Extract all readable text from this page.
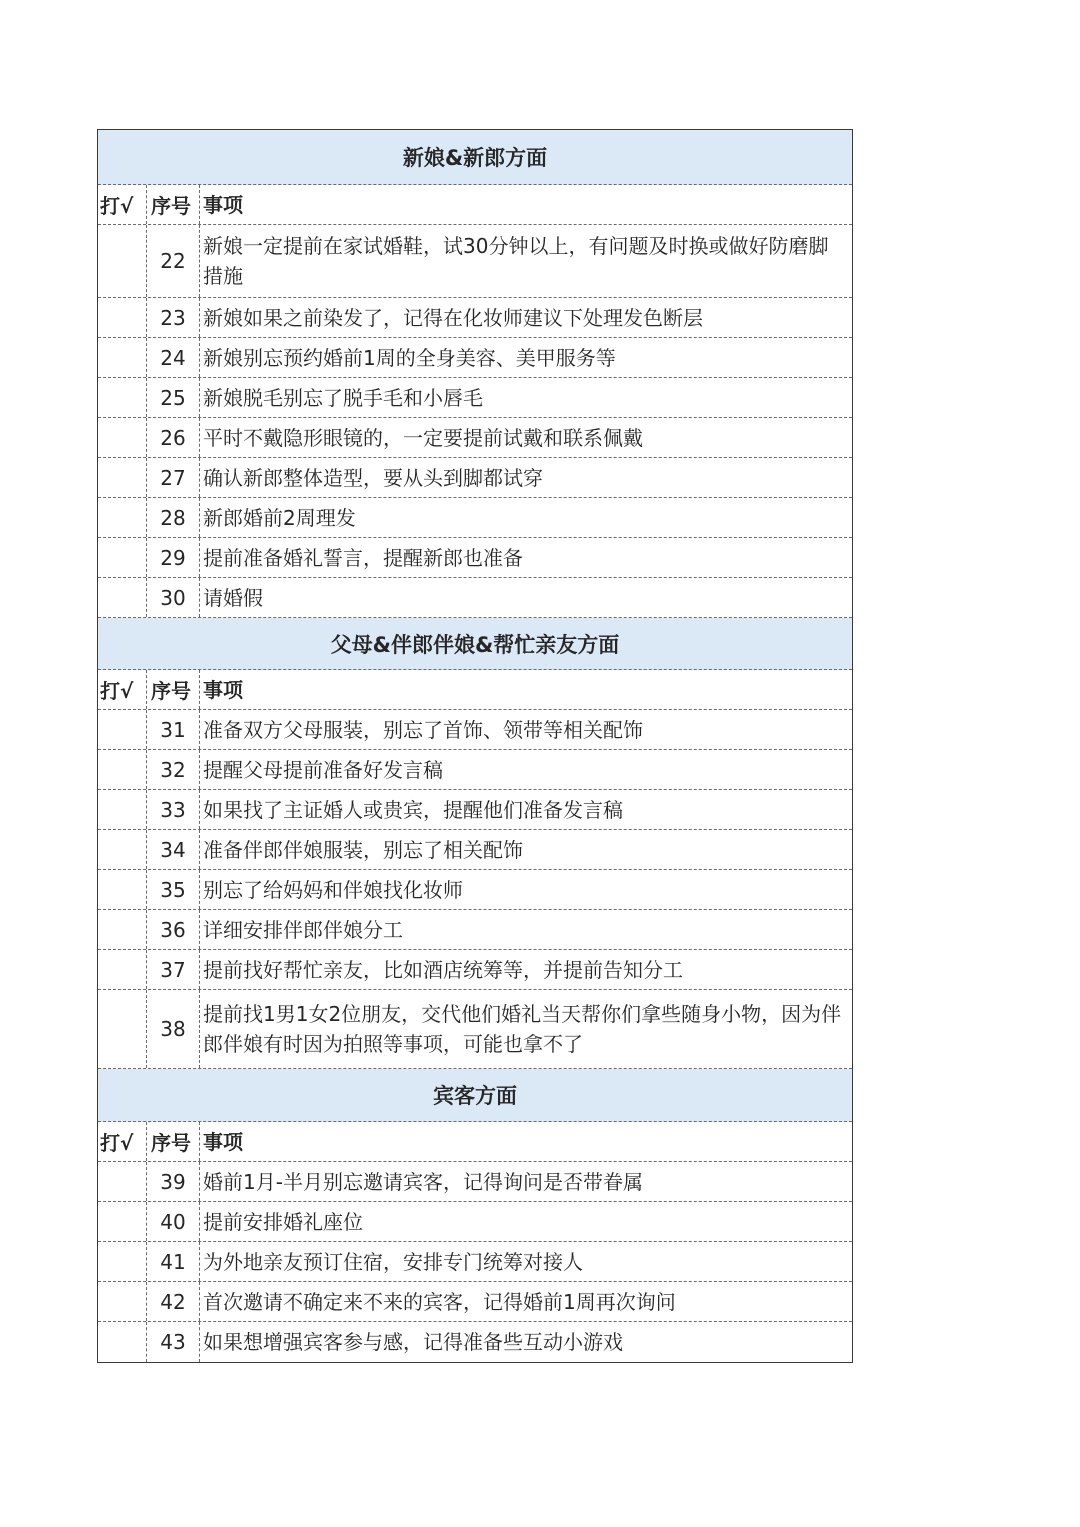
新娘&新郎方面
打√ 序号 事项
22
新娘一定提前在家试婚鞋，试30分钟以上，有问题及时换或做好防磨脚措施
23 新娘如果之前染发了，记得在化妆师建议下处理发色断层
24 新娘别忘预约婚前1周的全身美容、美甲服务等
25 新娘脱毛别忘了脱手毛和小唇毛
26 平时不戴隐形眼镜的，一定要提前试戴和联系佩戴
27 确认新郎整体造型，要从头到脚都试穿
28 新郎婚前2周理发
29 提前准备婚礼誓言，提醒新郎也准备
30 请婚假
父母&伴郎伴娘&帮忙亲友方面
打√ 序号 事项
31 准备双方父母服装，别忘了首饰、领带等相关配饰
32 提醒父母提前准备好发言稿
33 如果找了主证婚人或贵宾，提醒他们准备发言稿
34 准备伴郎伴娘服装，别忘了相关配饰
35 别忘了给妈妈和伴娘找化妆师
36 详细安排伴郎伴娘分工
37 提前找好帮忙亲友，比如酒店统筹等，并提前告知分工
38
提前找1男1女2位朋友，交代他们婚礼当天帮你们拿些随身小物，因为伴郎伴娘有时因为拍照等事项，可能也拿不了
宾客方面
打√ 序号 事项
39 婚前1月-半月别忘邀请宾客，记得询问是否带眷属
40 提前安排婚礼座位
41 为外地亲友预订住宿，安排专门统筹对接人
42 首次邀请不确定来不来的宾客，记得婚前1周再次询问
43 如果想增强宾客参与感，记得准备些互动小游戏
